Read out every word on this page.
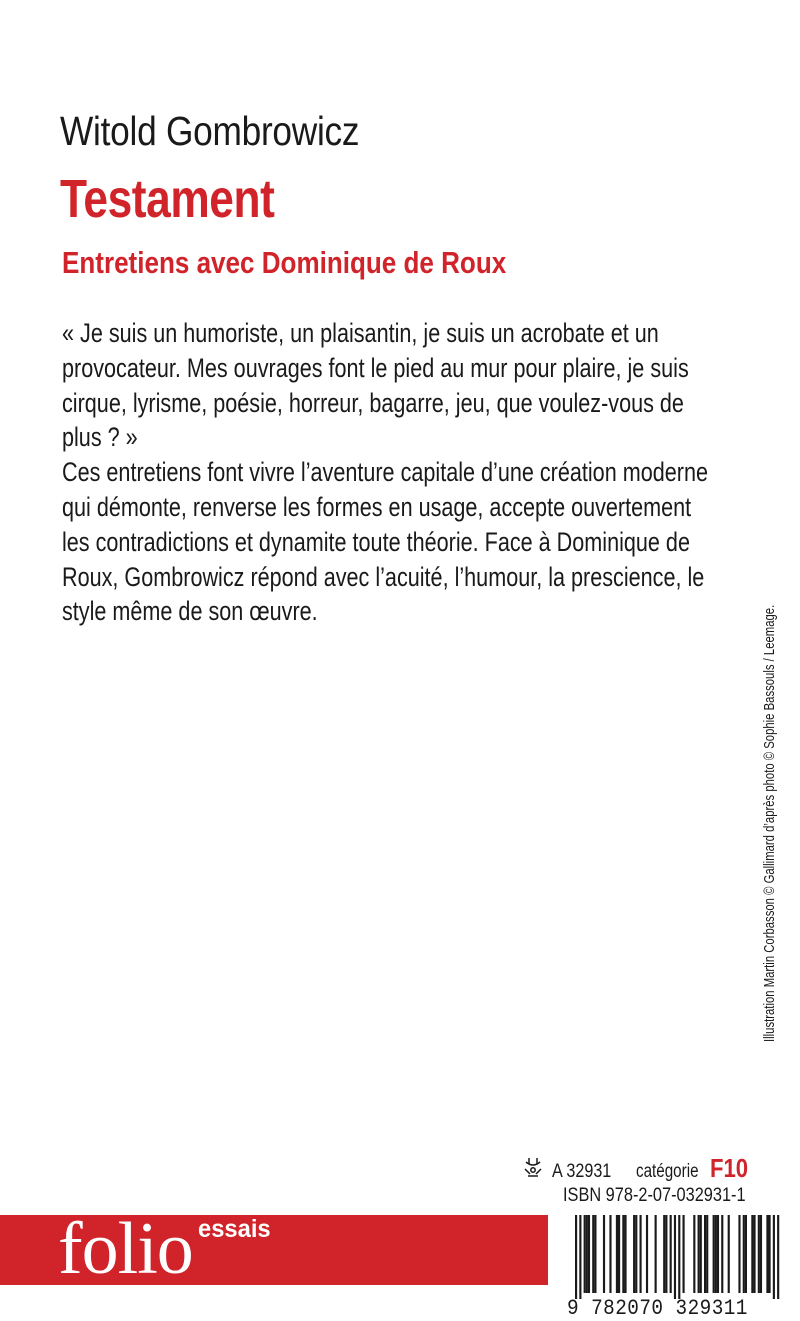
Witold Gombrowicz
Testament
Entretiens avec Dominique de Roux
« Je suis un humoriste, un plaisantin, je suis un acrobate et un
provocateur. Mes ouvrages font le pied au mur pour plaire, je suis
cirque, lyrisme, poésie, horreur, bagarre, jeu, que voulez-vous de
plus ? »
Ces entretiens font vivre l’aventure capitale d’une création moderne
qui démonte, renverse les formes en usage, accepte ouvertement
les contradictions et dynamite toute théorie. Face à Dominique de
Roux, Gombrowicz répond avec l’acuité, l’humour, la prescience, le
style même de son œuvre.	Illustration Martin Corbasson © Gallimard d’après photo © Sophie Bassouls / Leemage.
A 32931 catégorie F10
ISBN 978-2-07-032931-1
folio essais
9 782070 329311
